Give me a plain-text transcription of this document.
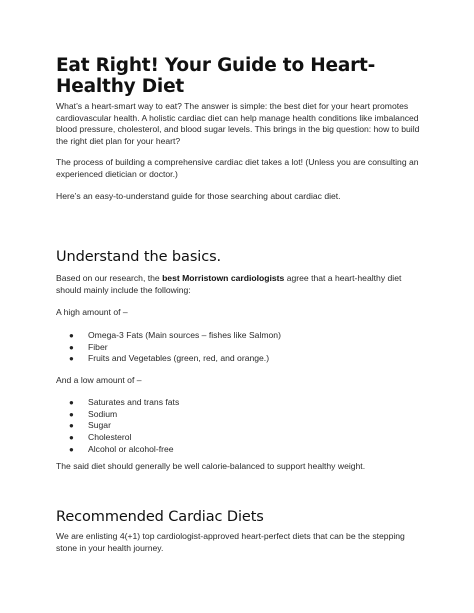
Eat Right! Your Guide to Heart-Healthy Diet

What’s a heart-smart way to eat? The answer is simple: the best diet for your heart promotes cardiovascular health. A holistic cardiac diet can help manage health conditions like imbalanced blood pressure, cholesterol, and blood sugar levels. This brings in the big question: how to build the right diet plan for your heart?

The process of building a comprehensive cardiac diet takes a lot! (Unless you are consulting an experienced dietician or doctor.)

Here’s an easy-to-understand guide for those searching about cardiac diet.

Understand the basics.

Based on our research, the best Morristown cardiologists agree that a heart-healthy diet should mainly include the following:

A high amount of –

● Omega-3 Fats (Main sources – fishes like Salmon)
● Fiber
● Fruits and Vegetables (green, red, and orange.)

And a low amount of –

● Saturates and trans fats
● Sodium
● Sugar
● Cholesterol
● Alcohol or alcohol-free

The said diet should generally be well calorie-balanced to support healthy weight.

Recommended Cardiac Diets

We are enlisting 4(+1) top cardiologist-approved heart-perfect diets that can be the stepping stone in your health journey.
